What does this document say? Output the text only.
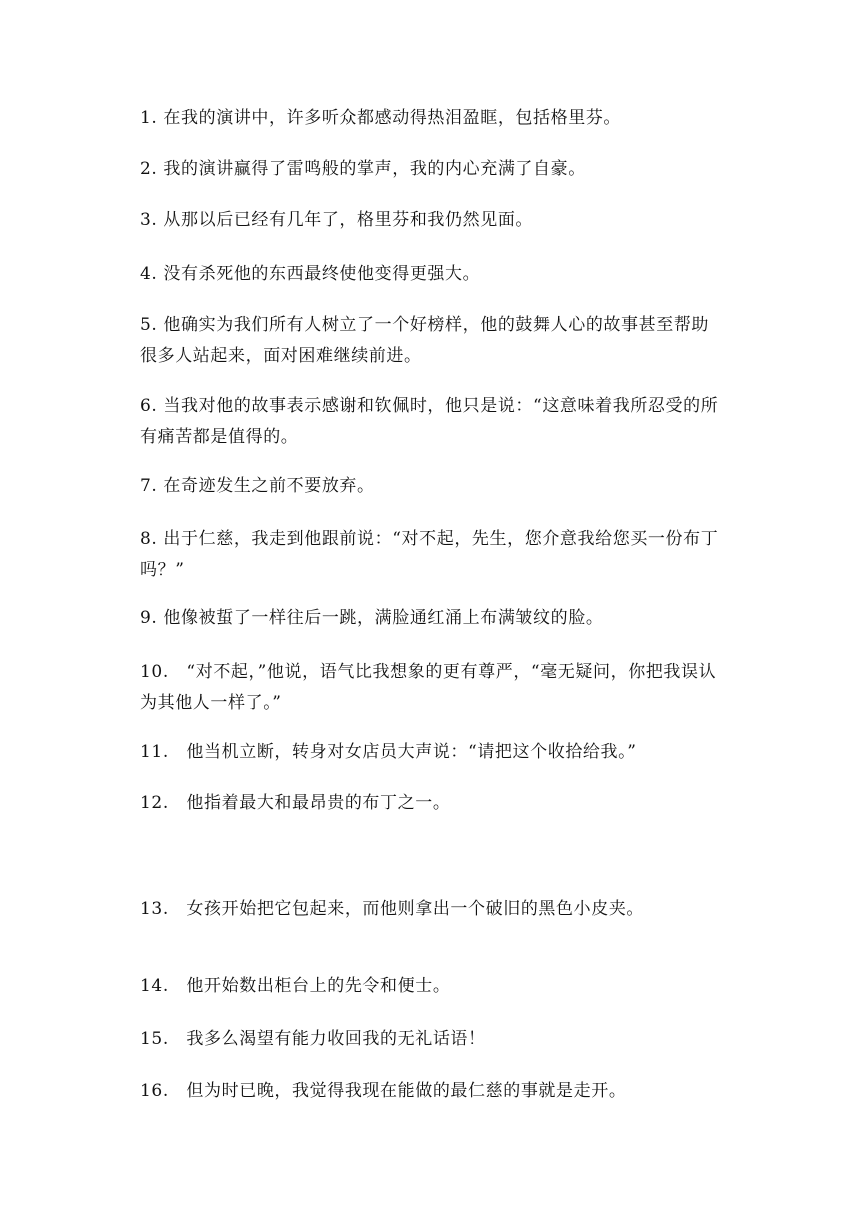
1. 在我的演讲中，许多听众都感动得热泪盈眶，包括格里芬。

2. 我的演讲赢得了雷鸣般的掌声，我的内心充满了自豪。

3. 从那以后已经有几年了，格里芬和我仍然见面。

4. 没有杀死他的东西最终使他变得更强大。

5. 他确实为我们所有人树立了一个好榜样，他的鼓舞人心的故事甚至帮助很多人站起来，面对困难继续前进。

6. 当我对他的故事表示感谢和钦佩时，他只是说：“这意味着我所忍受的所有痛苦都是值得的。

7. 在奇迹发生之前不要放弃。

8. 出于仁慈，我走到他跟前说：“对不起，先生，您介意我给您买一份布丁吗？”

9. 他像被蜇了一样往后一跳，满脸通红涌上布满皱纹的脸。

10.　“对不起，”他说，语气比我想象的更有尊严，“毫无疑问，你把我误认为其他人一样了。”

11.　他当机立断，转身对女店员大声说：“请把这个收拾给我。”

12.　他指着最大和最昂贵的布丁之一。

13.　女孩开始把它包起来，而他则拿出一个破旧的黑色小皮夹。

14.　他开始数出柜台上的先令和便士。

15.　我多么渴望有能力收回我的无礼话语！

16.　但为时已晚，我觉得我现在能做的最仁慈的事就是走开。
